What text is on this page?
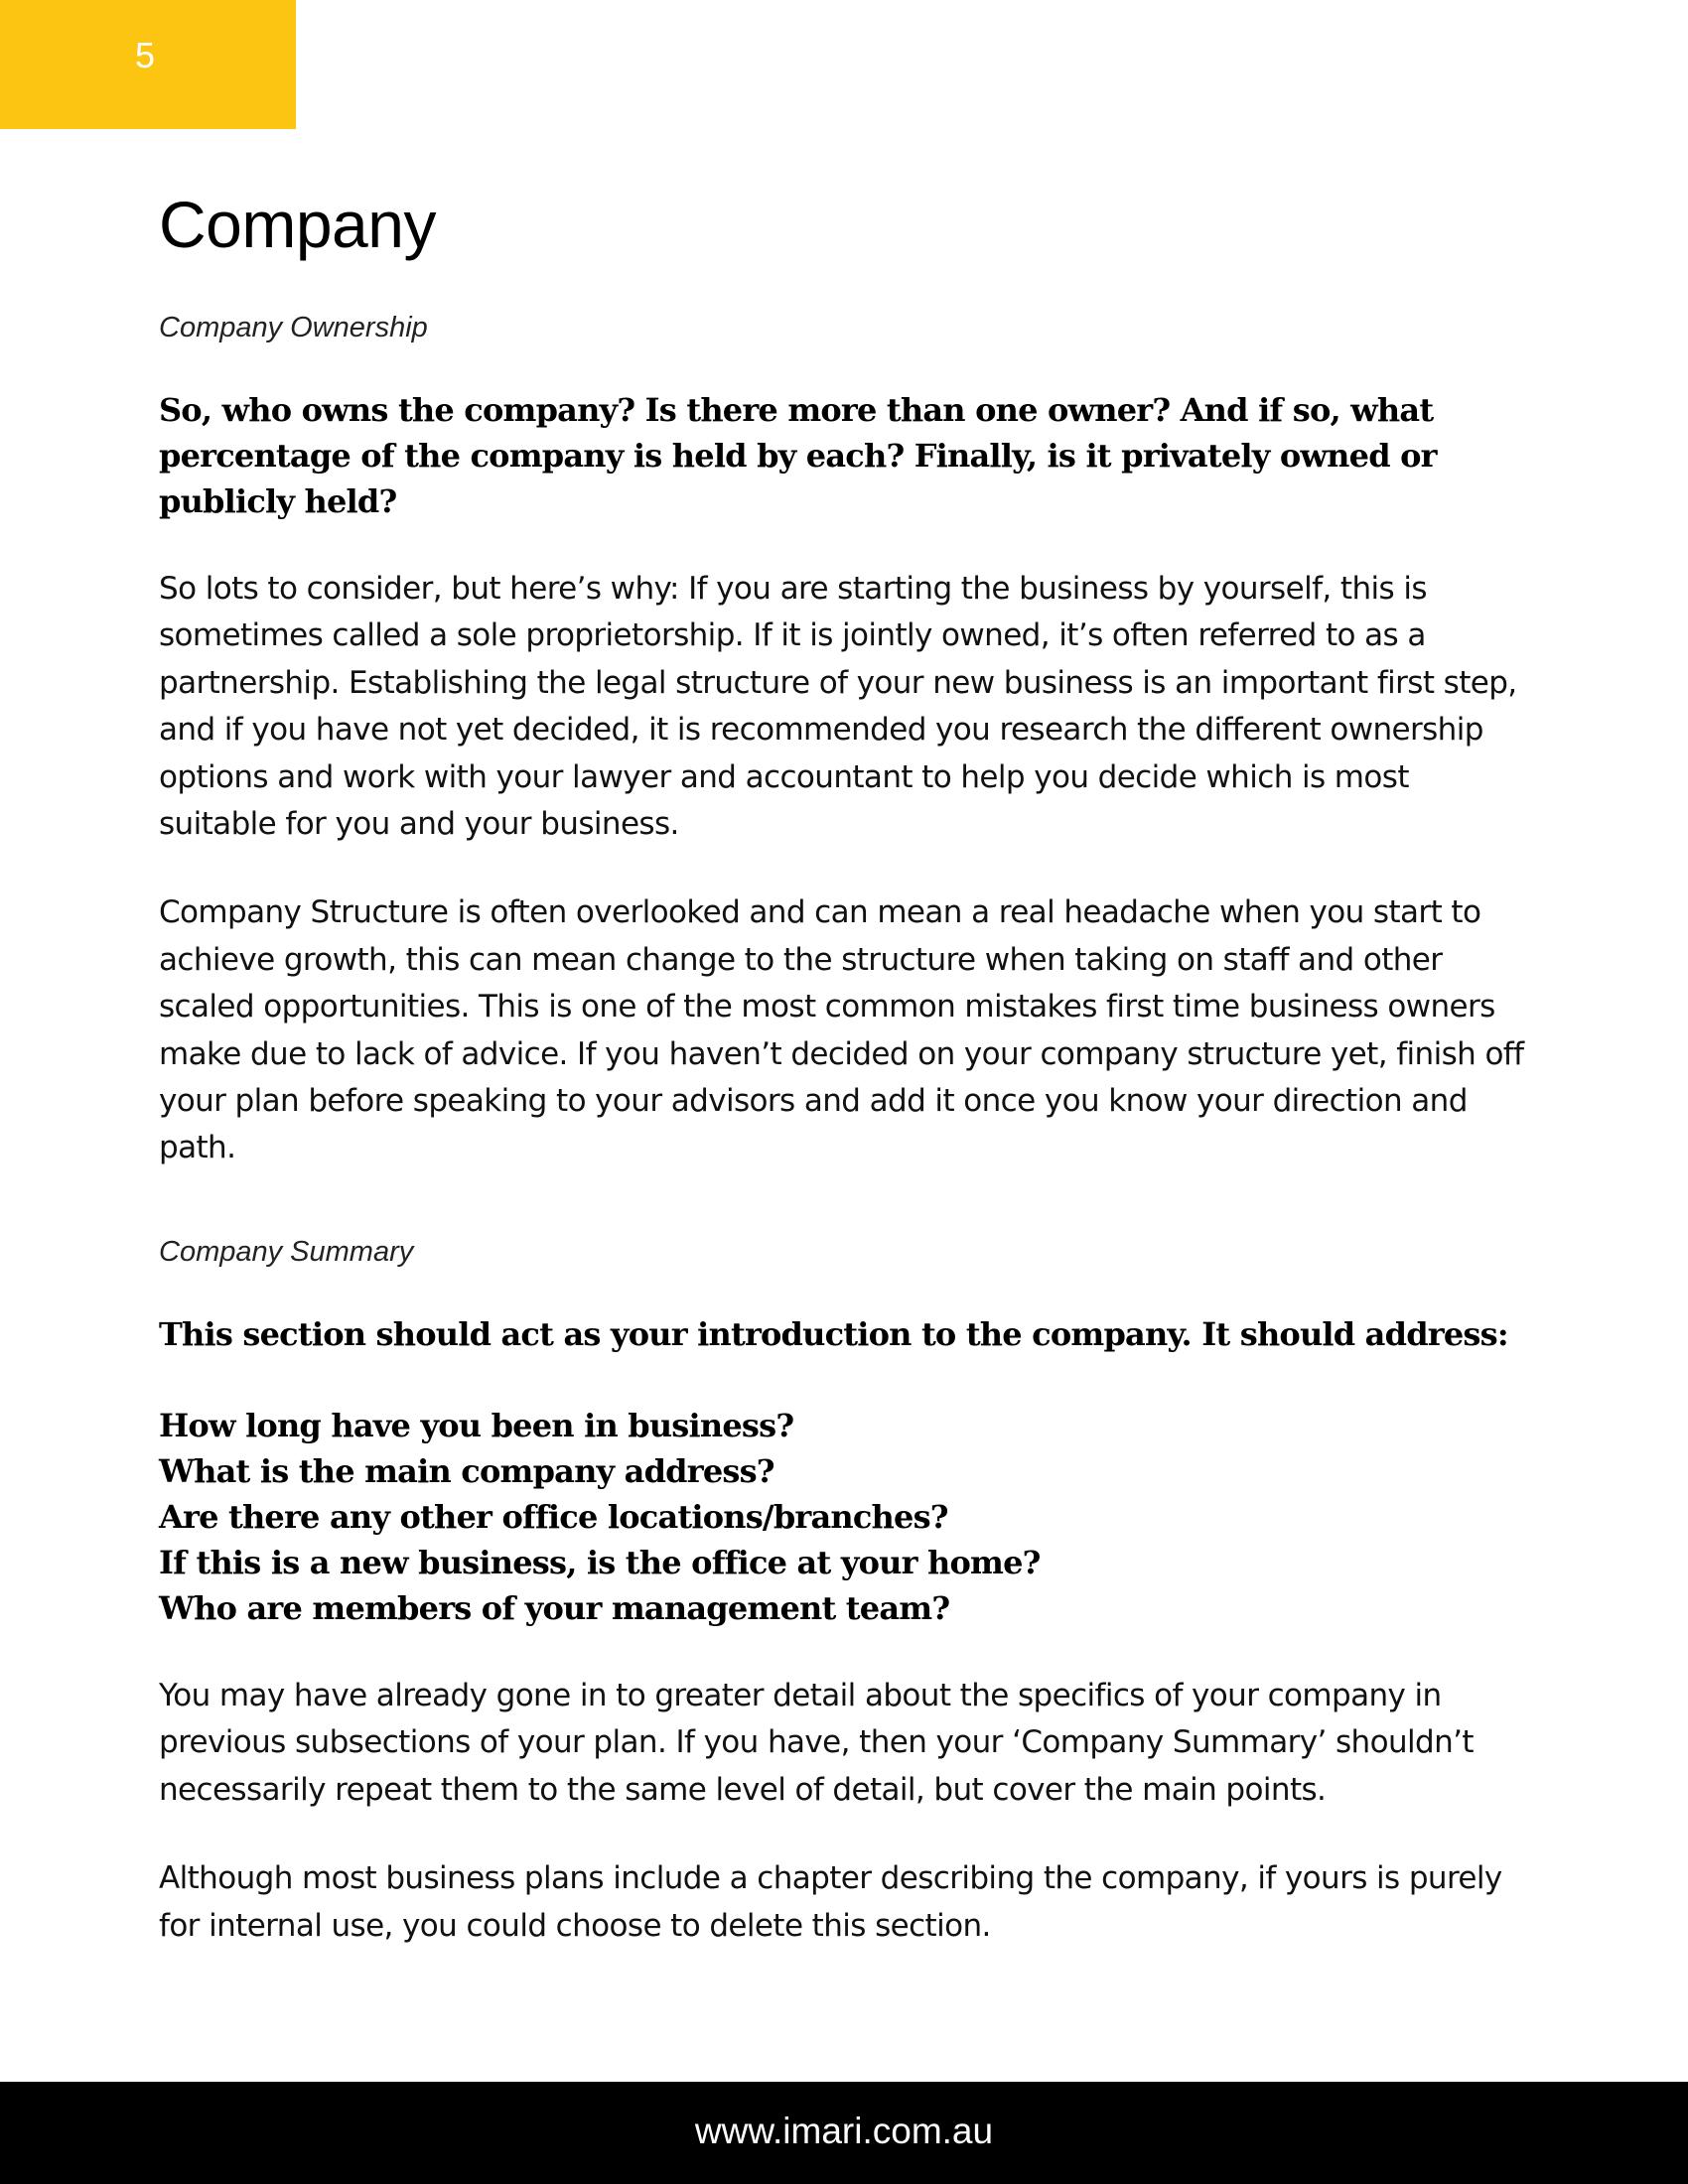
5
Company

Company Ownership

So, who owns the company? Is there more than one owner? And if so, what percentage of the company is held by each? Finally, is it privately owned or publicly held?

So lots to consider, but here’s why: If you are starting the business by yourself, this is sometimes called a sole proprietorship. If it is jointly owned, it’s often referred to as a partnership. Establishing the legal structure of your new business is an important first step, and if you have not yet decided, it is recommended you research the different ownership options and work with your lawyer and accountant to help you decide which is most suitable for you and your business.

Company Structure is often overlooked and can mean a real headache when you start to achieve growth, this can mean change to the structure when taking on staff and other scaled opportunities. This is one of the most common mistakes first time business owners make due to lack of advice. If you haven’t decided on your company structure yet, finish off your plan before speaking to your advisors and add it once you know your direction and path.

Company Summary

This section should act as your introduction to the company. It should address:

How long have you been in business?
What is the main company address?
Are there any other office locations/branches?
If this is a new business, is the office at your home?
Who are members of your management team?

You may have already gone in to greater detail about the specifics of your company in previous subsections of your plan. If you have, then your ‘Company Summary’ shouldn’t necessarily repeat them to the same level of detail, but cover the main points.

Although most business plans include a chapter describing the company, if yours is purely for internal use, you could choose to delete this section.

www.imari.com.au
